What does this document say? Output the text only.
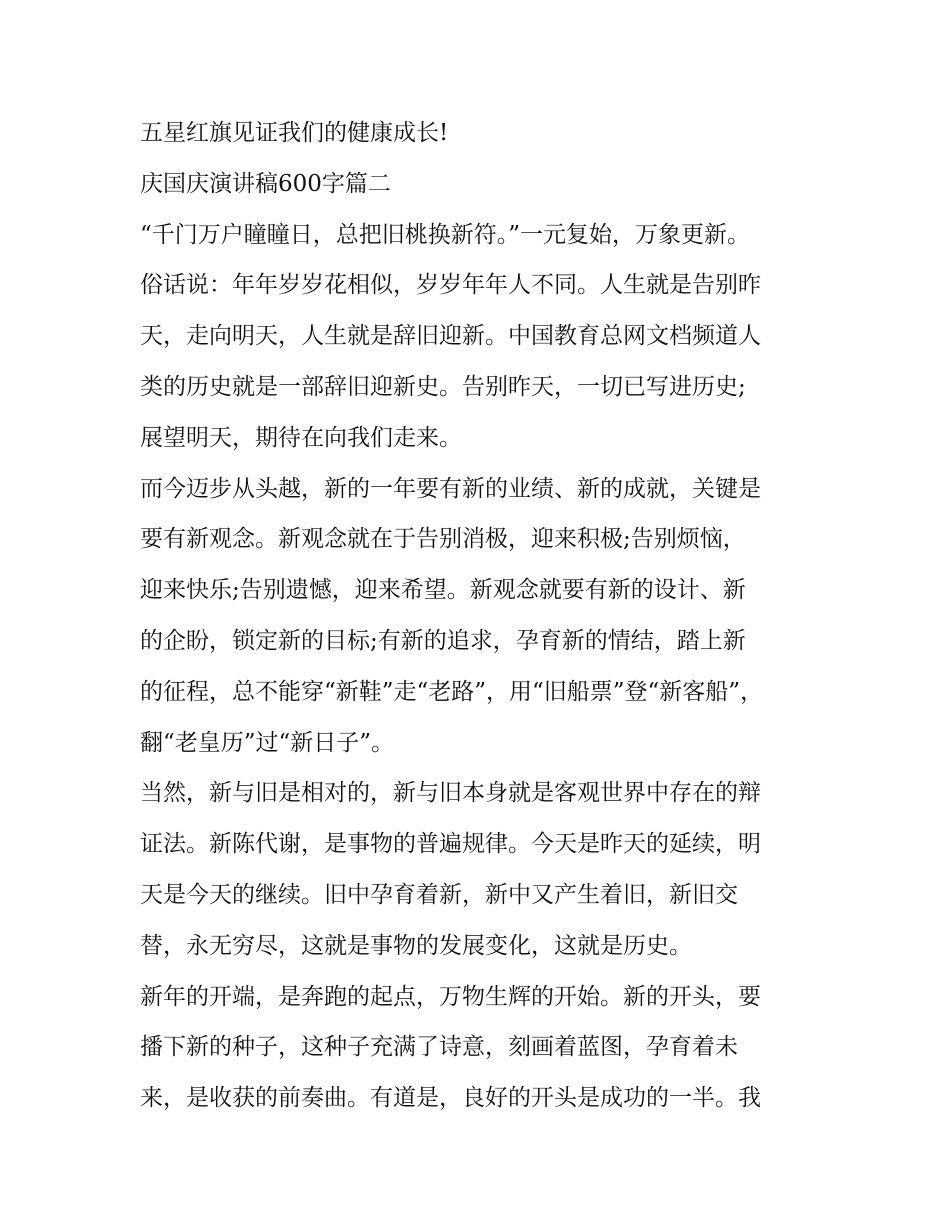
五星红旗见证我们的健康成长!
庆国庆演讲稿600字篇二
“千门万户瞳瞳日，总把旧桃换新符。”一元复始，万象更新。
俗话说：年年岁岁花相似，岁岁年年人不同。人生就是告别昨
天，走向明天，人生就是辞旧迎新。中国教育总网文档频道人
类的历史就是一部辞旧迎新史。告别昨天，一切已写进历史;
展望明天，期待在向我们走来。
而今迈步从头越，新的一年要有新的业绩、新的成就，关键是
要有新观念。新观念就在于告别消极，迎来积极;告别烦恼，
迎来快乐;告别遗憾，迎来希望。新观念就要有新的设计、新
的企盼，锁定新的目标;有新的追求，孕育新的情结，踏上新
的征程，总不能穿“新鞋”走“老路”，用“旧船票”登“新客船”，
翻“老皇历”过“新日子”。
当然，新与旧是相对的，新与旧本身就是客观世界中存在的辩
证法。新陈代谢，是事物的普遍规律。今天是昨天的延续，明
天是今天的继续。旧中孕育着新，新中又产生着旧，新旧交
替，永无穷尽，这就是事物的发展变化，这就是历史。
新年的开端，是奔跑的起点，万物生辉的开始。新的开头，要
播下新的种子，这种子充满了诗意，刻画着蓝图，孕育着未
来，是收获的前奏曲。有道是，良好的开头是成功的一半。我
